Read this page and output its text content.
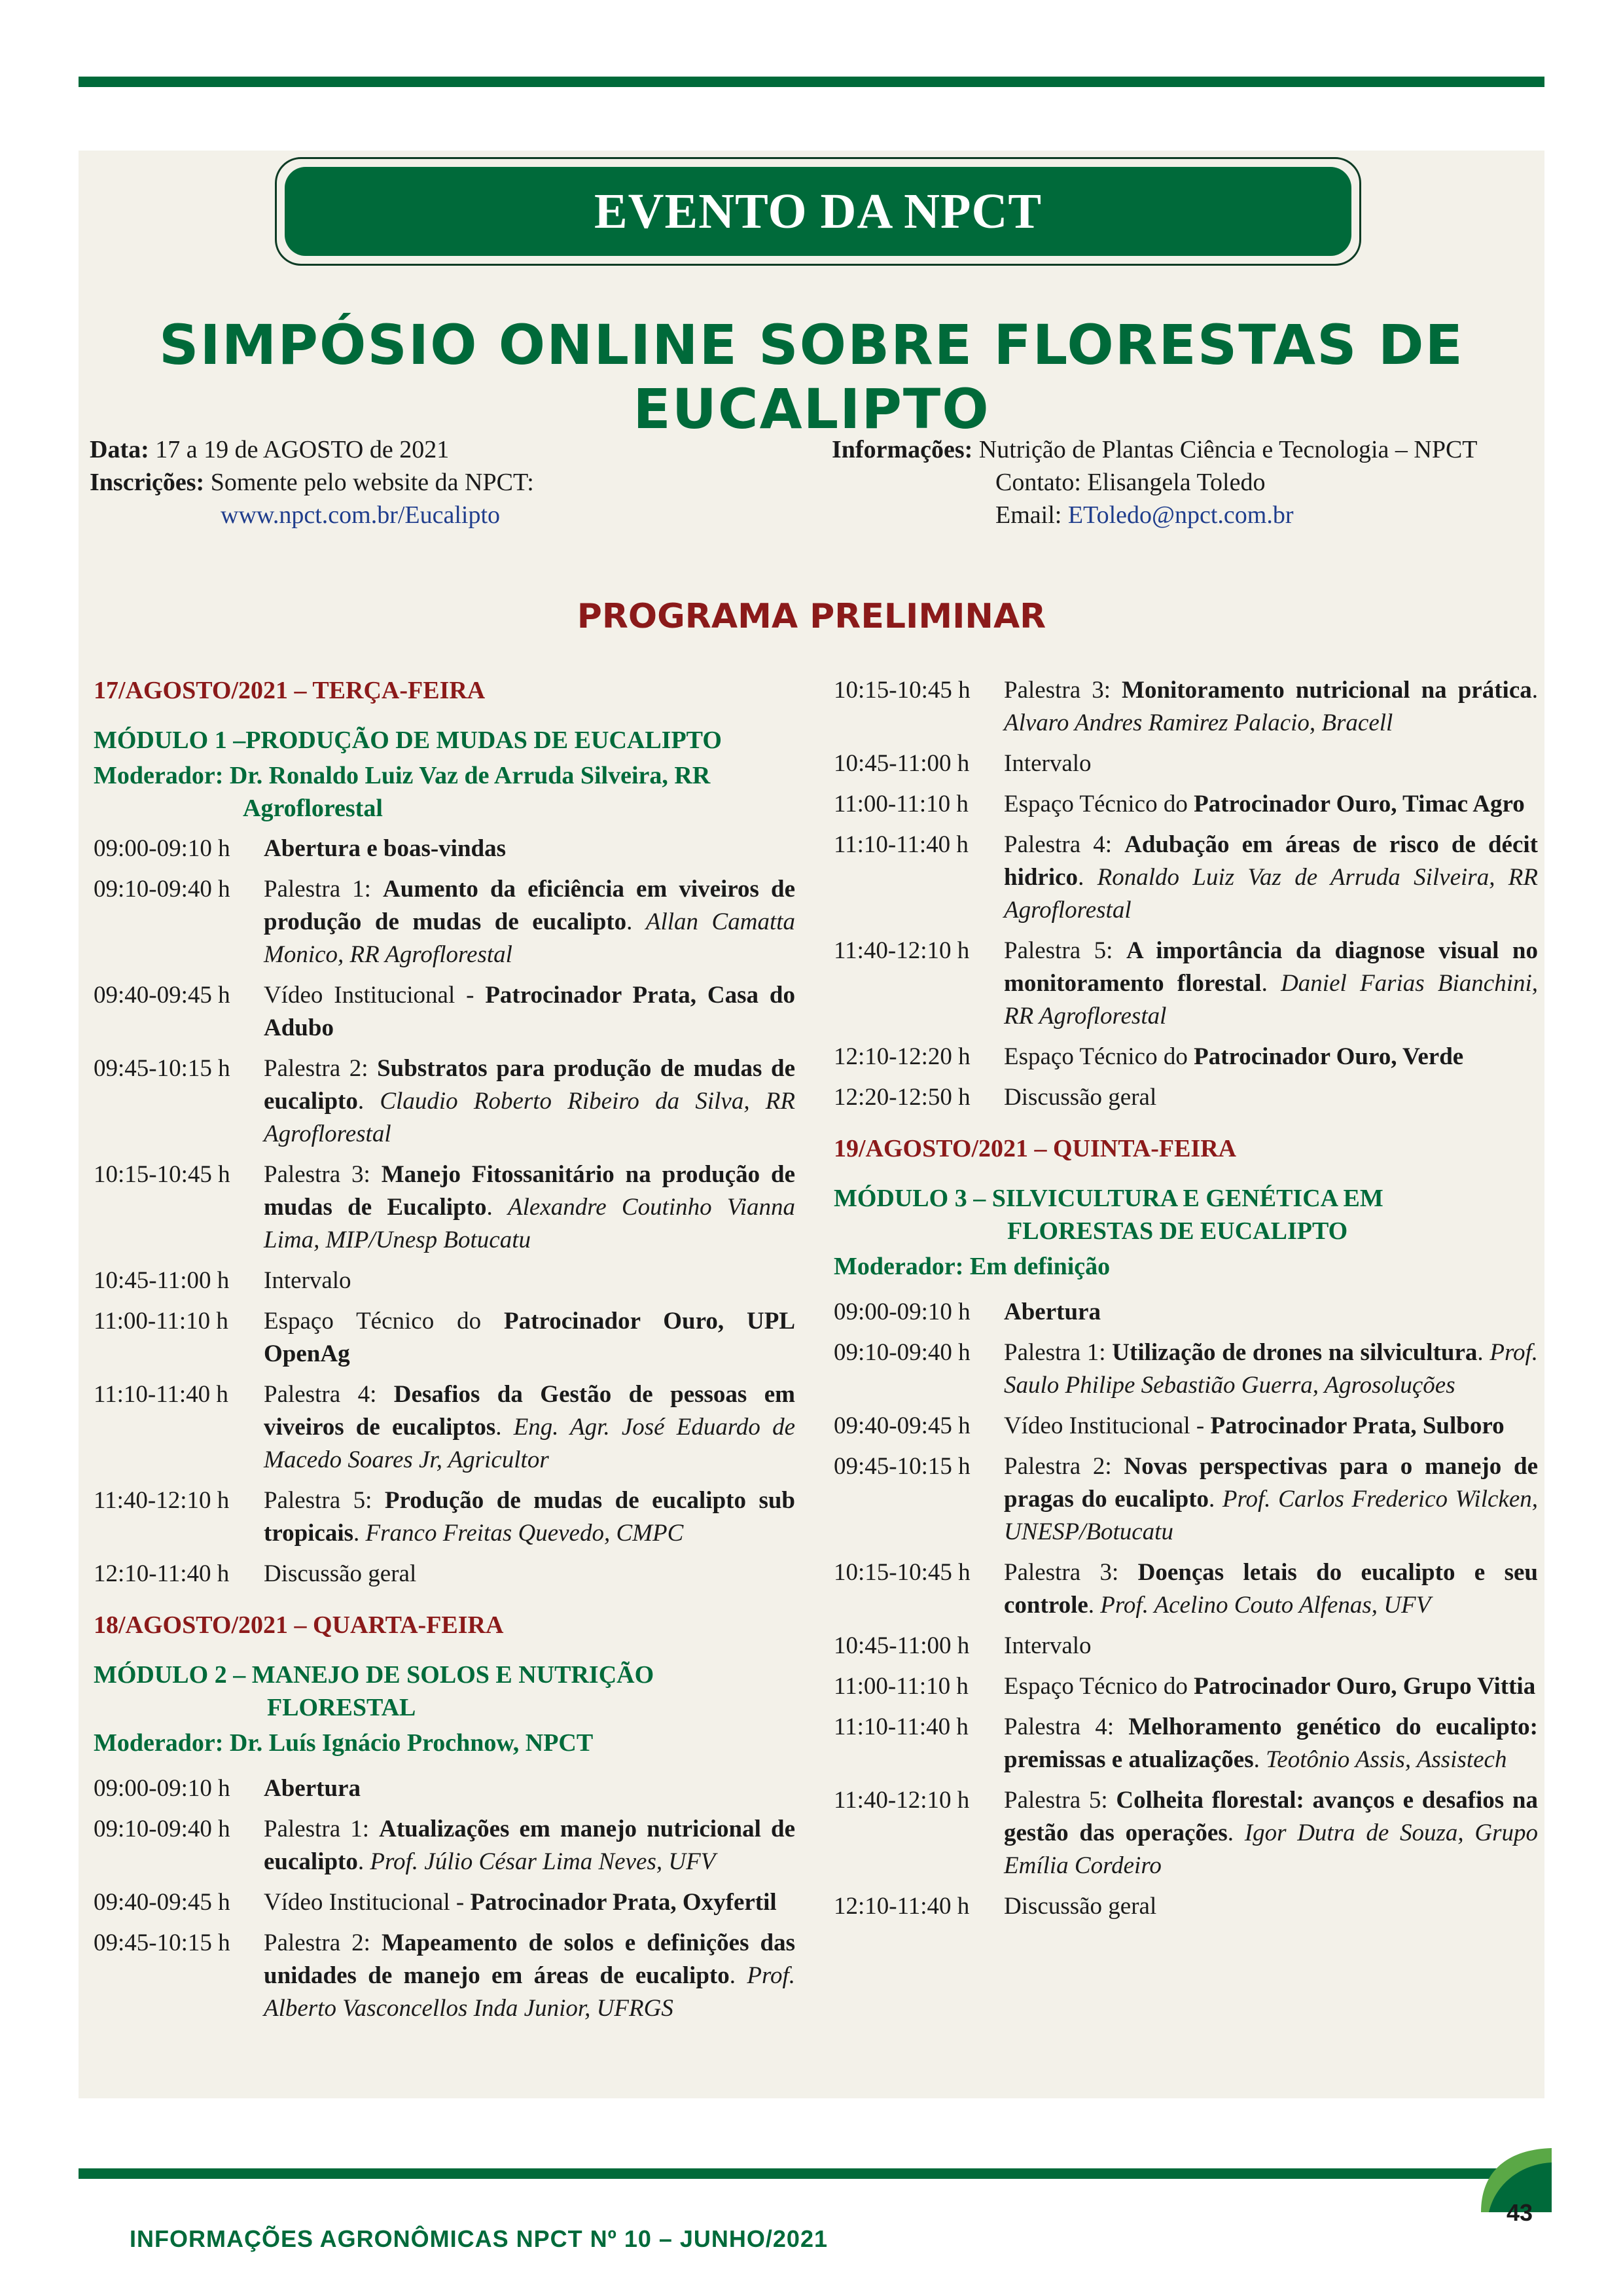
EVENTO DA NPCT
SIMPÓSIO ONLINE SOBRE FLORESTAS DE EUCALIPTO
Data:
17 a 19 de AGOSTO de 2021
Inscrições:
Somente pelo website da NPCT:
www.npct.com.br/Eucalipto
Informações:
Nutrição de Plantas Ciência e Tecnologia – NPCT
Contato: Elisangela Toledo
Email:
EToledo@npct.com.br
PROGRAMA PRELIMINAR
17/AGOSTO/2021 – TERÇA-FEIRA
MÓDULO 1 –PRODUÇÃO DE MUDAS DE EUCALIPTO
Moderador: Dr. Ronaldo Luiz Vaz de Arruda Silveira, RR
Agroflorestal
09:00-09:10 h	Abertura e boas-vindas
09:10-09:40 h	Palestra 1: Aumento da eficiência em viveiros de produção de mudas de eucalipto. Allan Camatta Monico, RR Agroflorestal
09:40-09:45 h	Vídeo Institucional - Patrocinador Prata, Casa do Adubo
09:45-10:15 h	Palestra 2: Substratos para produção de mudas de eucalipto. Claudio Roberto Ribeiro da Silva, RR Agroflorestal
10:15-10:45 h	Palestra 3: Manejo Fitossanitário na produção de mudas de Eucalipto. Alexandre Coutinho Vianna Lima, MIP/Unesp Botucatu
10:45-11:00 h	Intervalo
11:00-11:10 h	Espaço Técnico do Patrocinador Ouro, UPL OpenAg
11:10-11:40 h	Palestra 4: Desafios da Gestão de pessoas em viveiros de eucaliptos. Eng. Agr. José Eduardo de Macedo Soares Jr, Agricultor
11:40-12:10 h	Palestra 5: Produção de mudas de eucalipto sub tropicais. Franco Freitas Quevedo, CMPC
12:10-11:40 h	Discussão geral
18/AGOSTO/2021 – QUARTA-FEIRA
MÓDULO 2 – MANEJO DE SOLOS E NUTRIÇÃO
FLORESTAL
Moderador: Dr. Luís Ignácio Prochnow, NPCT
09:00-09:10 h	Abertura
09:10-09:40 h	Palestra 1: Atualizações em manejo nutricional de eucalipto. Prof. Júlio César Lima Neves, UFV
09:40-09:45 h	Vídeo Institucional - Patrocinador Prata, Oxyfertil
09:45-10:15 h	Palestra 2: Mapeamento de solos e definições das unidades de manejo em áreas de eucalipto. Prof. Alberto Vasconcellos Inda Junior, UFRGS
10:15-10:45 h	Palestra 3: Monitoramento nutricional na prática. Alvaro Andres Ramirez Palacio, Bracell
10:45-11:00 h	Intervalo
11:00-11:10 h	Espaço Técnico do Patrocinador Ouro, Timac Agro
11:10-11:40 h	Palestra 4: Adubação em áreas de risco de décit hidrico. Ronaldo Luiz Vaz de Arruda Silveira, RR Agroflorestal
11:40-12:10 h	Palestra 5: A importância da diagnose visual no monitoramento florestal. Daniel Farias Bianchini, RR Agroflorestal
12:10-12:20 h	Espaço Técnico do Patrocinador Ouro, Verde
12:20-12:50 h	Discussão geral
19/AGOSTO/2021 – QUINTA-FEIRA
MÓDULO 3 – SILVICULTURA E GENÉTICA EM
FLORESTAS DE EUCALIPTO
Moderador: Em definição
09:00-09:10 h	Abertura
09:10-09:40 h	Palestra 1: Utilização de drones na silvicultura. Prof. Saulo Philipe Sebastião Guerra, Agrosoluções
09:40-09:45 h	Vídeo Institucional - Patrocinador Prata, Sulboro
09:45-10:15 h	Palestra 2: Novas perspectivas para o manejo de pragas do eucalipto. Prof. Carlos Frederico Wilcken, UNESP/Botucatu
10:15-10:45 h	Palestra 3: Doenças letais do eucalipto e seu controle. Prof. Acelino Couto Alfenas, UFV
10:45-11:00 h	Intervalo
11:00-11:10 h	Espaço Técnico do Patrocinador Ouro, Grupo Vittia
11:10-11:40 h	Palestra 4: Melhoramento genético do eucalipto: premissas e atualizações. Teotônio Assis, Assistech
11:40-12:10 h	Palestra 5: Colheita florestal: avanços e desafios na gestão das operações. Igor Dutra de Souza, Grupo Emília Cordeiro
12:10-11:40 h	Discussão geral
INFORMAÇÕES AGRONÔMICAS NPCT Nº 10 – JUNHO/2021
43
